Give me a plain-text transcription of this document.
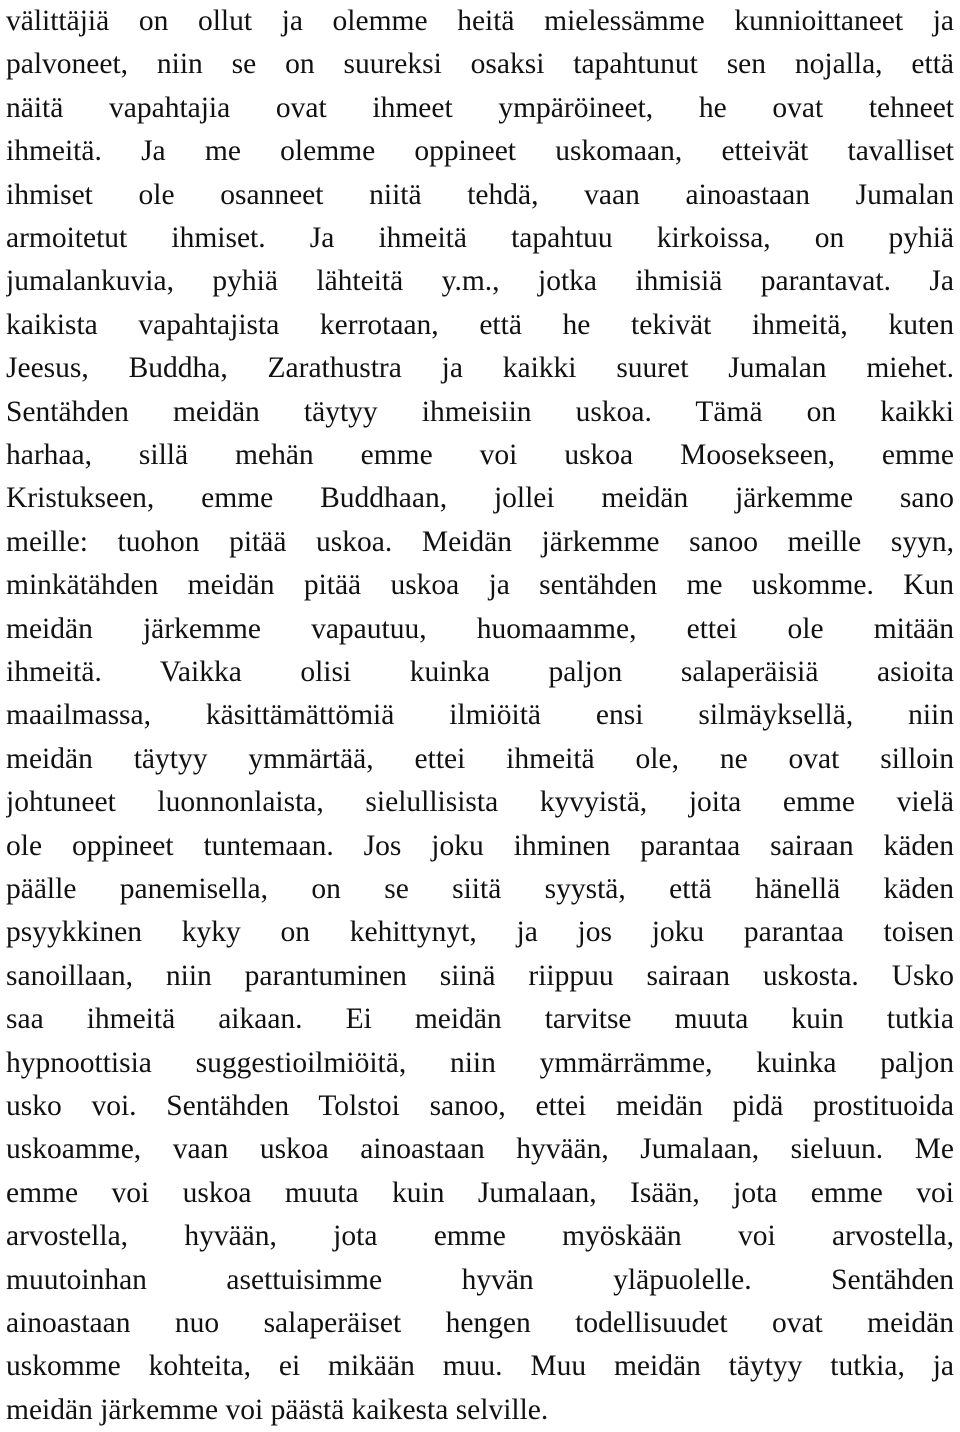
välittäjiä on ollut ja olemme heitä mielessämme kunnioittaneet ja
palvoneet, niin se on suureksi osaksi tapahtunut sen nojalla, että
näitä vapahtajia ovat ihmeet ympäröineet, he ovat tehneet
ihmeitä. Ja me olemme oppineet uskomaan, etteivät tavalliset
ihmiset ole osanneet niitä tehdä, vaan ainoastaan Jumalan
armoitetut ihmiset. Ja ihmeitä tapahtuu kirkoissa, on pyhiä
jumalankuvia, pyhiä lähteitä y.m., jotka ihmisiä parantavat. Ja
kaikista vapahtajista kerrotaan, että he tekivät ihmeitä, kuten
Jeesus, Buddha, Zarathustra ja kaikki suuret Jumalan miehet.
Sentähden meidän täytyy ihmeisiin uskoa. Tämä on kaikki
harhaa, sillä mehän emme voi uskoa Moosekseen, emme
Kristukseen, emme Buddhaan, jollei meidän järkemme sano
meille: tuohon pitää uskoa. Meidän järkemme sanoo meille syyn,
minkätähden meidän pitää uskoa ja sentähden me uskomme. Kun
meidän järkemme vapautuu, huomaamme, ettei ole mitään
ihmeitä. Vaikka olisi kuinka paljon salaperäisiä asioita
maailmassa, käsittämättömiä ilmiöitä ensi silmäyksellä, niin
meidän täytyy ymmärtää, ettei ihmeitä ole, ne ovat silloin
johtuneet luonnonlaista, sielullisista kyvyistä, joita emme vielä
ole oppineet tuntemaan. Jos joku ihminen parantaa sairaan käden
päälle panemisella, on se siitä syystä, että hänellä käden
psyykkinen kyky on kehittynyt, ja jos joku parantaa toisen
sanoillaan, niin parantuminen siinä riippuu sairaan uskosta. Usko
saa ihmeitä aikaan. Ei meidän tarvitse muuta kuin tutkia
hypnoottisia suggestioilmiöitä, niin ymmärrämme, kuinka paljon
usko voi. Sentähden Tolstoi sanoo, ettei meidän pidä prostituoida
uskoamme, vaan uskoa ainoastaan hyvään, Jumalaan, sieluun. Me
emme voi uskoa muuta kuin Jumalaan, Isään, jota emme voi
arvostella, hyvään, jota emme myöskään voi arvostella,
muutoinhan asettuisimme hyvän yläpuolelle. Sentähden
ainoastaan nuo salaperäiset hengen todellisuudet ovat meidän
uskomme kohteita, ei mikään muu. Muu meidän täytyy tutkia, ja
meidän järkemme voi päästä kaikesta selville.
